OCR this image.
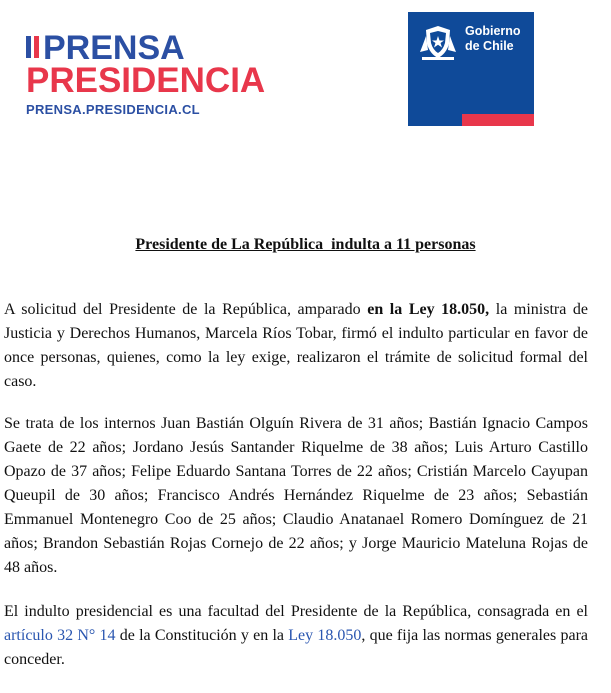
PRENSA
PRESIDENCIA
PRENSA.PRESIDENCIA.CL
Gobierno
de Chile
Presidente de La República  indulta a 11 personas

A solicitud del Presidente de la República, amparado en la Ley 18.050, la ministra de Justicia y Derechos Humanos, Marcela Ríos Tobar, firmó el indulto particular en favor de once personas, quienes, como la ley exige, realizaron el trámite de solicitud formal del caso.

Se trata de los internos Juan Bastián Olguín Rivera de 31 años; Bastián Ignacio Campos Gaete de 22 años; Jordano Jesús Santander Riquelme de 38 años; Luis Arturo Castillo Opazo de 37 años; Felipe Eduardo Santana Torres de 22 años; Cristián Marcelo Cayupan Queupil de 30 años; Francisco Andrés Hernández Riquelme de 23 años; Sebastián Emmanuel Montenegro Coo de 25 años; Claudio Anatanael Romero Domínguez de 21 años; Brandon Sebastián Rojas Cornejo de 22 años; y Jorge Mauricio Mateluna Rojas de 48 años.

El indulto presidencial es una facultad del Presidente de la República, consagrada en el artículo 32 N° 14 de la Constitución y en la Ley 18.050, que fija las normas generales para conceder.
